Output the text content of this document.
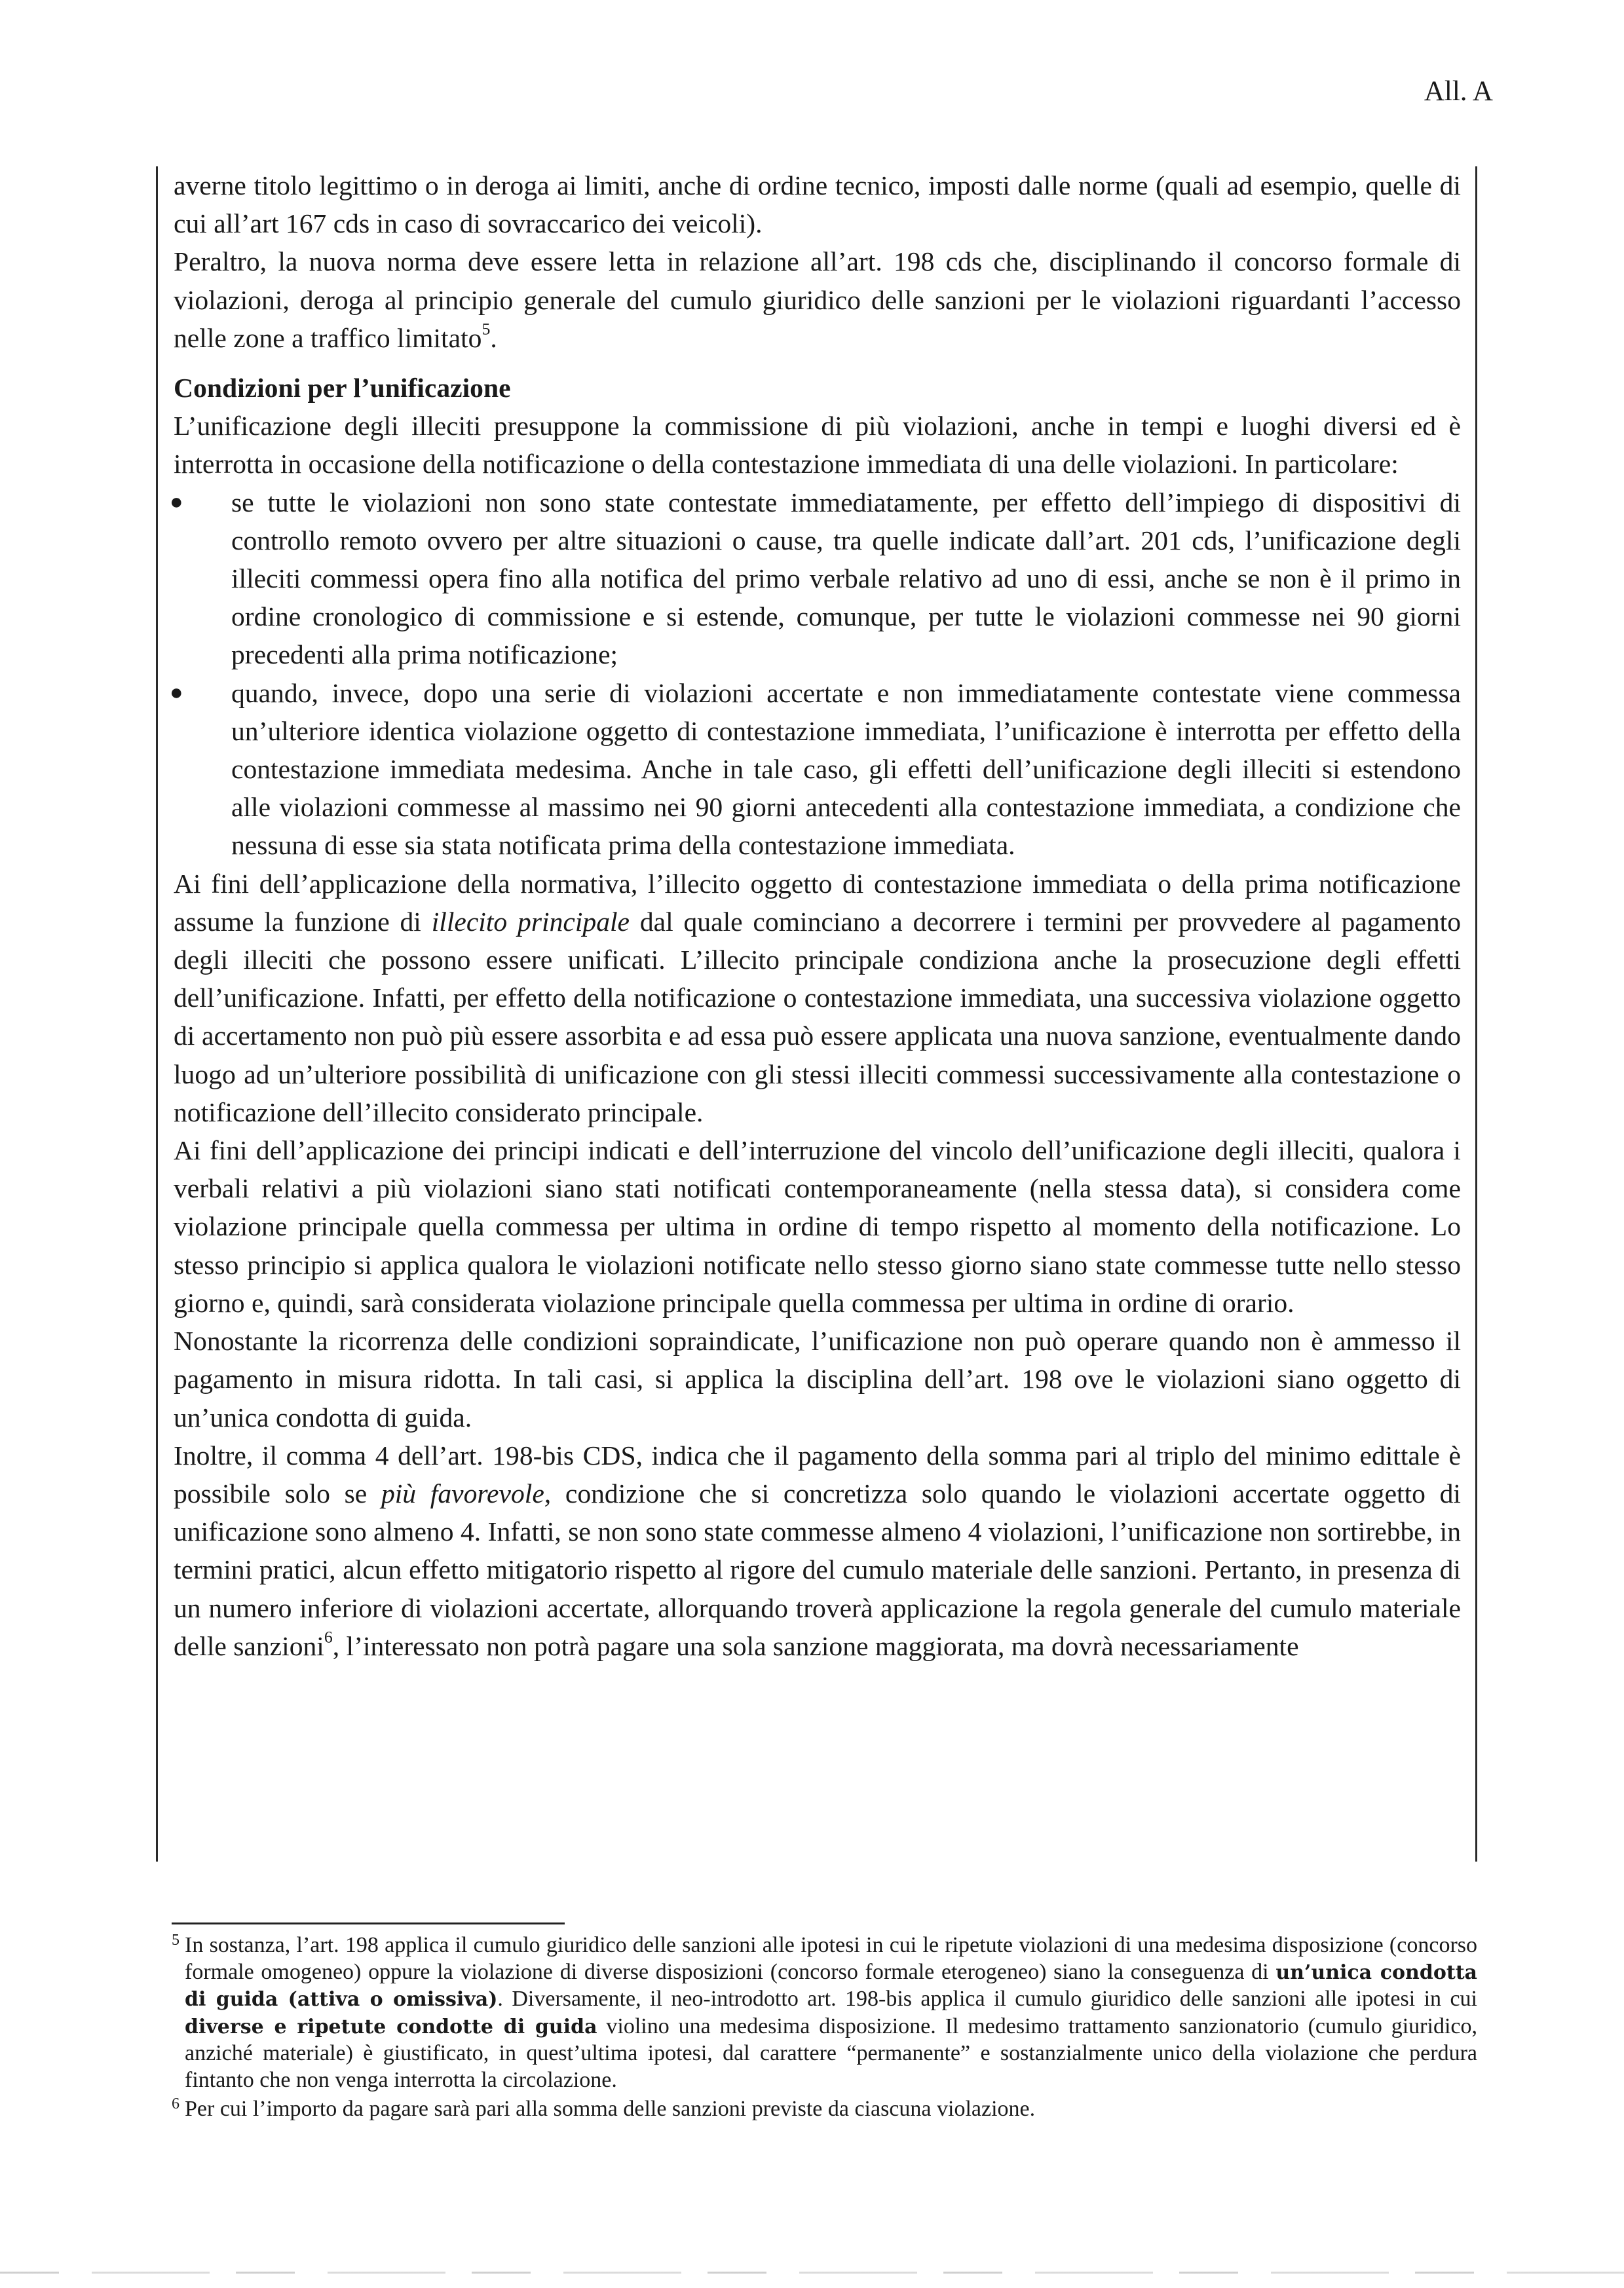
All. A

averne titolo legittimo o in deroga ai limiti, anche di ordine tecnico, imposti dalle norme (quali ad esempio, quelle di cui all’art 167 cds in caso di sovraccarico dei veicoli).

Peraltro, la nuova norma deve essere letta in relazione all’art. 198 cds che, disciplinando il concorso formale di violazioni, deroga al principio generale del cumulo giuridico delle sanzioni per le violazioni riguardanti l’accesso nelle zone a traffico limitato$^5$.

Condizioni per l’unificazione

L’unificazione degli illeciti presuppone la commissione di più violazioni, anche in tempi e luoghi diversi ed è interrotta in occasione della notificazione o della contestazione immediata di una delle violazioni. In particolare:

● se tutte le violazioni non sono state contestate immediatamente, per effetto dell’impiego di dispositivi di controllo remoto ovvero per altre situazioni o cause, tra quelle indicate dall’art. 201 cds, l’unificazione degli illeciti commessi opera fino alla notifica del primo verbale relativo ad uno di essi, anche se non è il primo in ordine cronologico di commissione e si estende, comunque, per tutte le violazioni commesse nei 90 giorni precedenti alla prima notificazione;
● quando, invece, dopo una serie di violazioni accertate e non immediatamente contestate viene commessa un’ulteriore identica violazione oggetto di contestazione immediata, l’unificazione è interrotta per effetto della contestazione immediata medesima. Anche in tale caso, gli effetti dell’unificazione degli illeciti si estendono alle violazioni commesse al massimo nei 90 giorni antecedenti alla contestazione immediata, a condizione che nessuna di esse sia stata notificata prima della contestazione immediata.

Ai fini dell’applicazione della normativa, l’illecito oggetto di contestazione immediata o della prima notificazione assume la funzione di illecito principale dal quale cominciano a decorrere i termini per provvedere al pagamento degli illeciti che possono essere unificati. L’illecito principale condiziona anche la prosecuzione degli effetti dell’unificazione. Infatti, per effetto della notificazione o contestazione immediata, una successiva violazione oggetto di accertamento non può più essere assorbita e ad essa può essere applicata una nuova sanzione, eventualmente dando luogo ad un’ulteriore possibilità di unificazione con gli stessi illeciti commessi successivamente alla contestazione o notificazione dell’illecito considerato principale.

Ai fini dell’applicazione dei principi indicati e dell’interruzione del vincolo dell’unificazione degli illeciti, qualora i verbali relativi a più violazioni siano stati notificati contemporaneamente (nella stessa data), si considera come violazione principale quella commessa per ultima in ordine di tempo rispetto al momento della notificazione. Lo stesso principio si applica qualora le violazioni notificate nello stesso giorno siano state commesse tutte nello stesso giorno e, quindi, sarà considerata violazione principale quella commessa per ultima in ordine di orario.

Nonostante la ricorrenza delle condizioni sopraindicate, l’unificazione non può operare quando non è ammesso il pagamento in misura ridotta. In tali casi, si applica la disciplina dell’art. 198 ove le violazioni siano oggetto di un’unica condotta di guida.

Inoltre, il comma 4 dell’art. 198-bis CDS, indica che il pagamento della somma pari al triplo del minimo edittale è possibile solo se più favorevole, condizione che si concretizza solo quando le violazioni accertate oggetto di unificazione sono almeno 4. Infatti, se non sono state commesse almeno 4 violazioni, l’unificazione non sortirebbe, in termini pratici, alcun effetto mitigatorio rispetto al rigore del cumulo materiale delle sanzioni. Pertanto, in presenza di un numero inferiore di violazioni accertate, allorquando troverà applicazione la regola generale del cumulo materiale delle sanzioni$^6$, l’interessato non potrà pagare una sola sanzione maggiorata, ma dovrà necessariamente

5 In sostanza, l’art. 198 applica il cumulo giuridico delle sanzioni alle ipotesi in cui le ripetute violazioni di una medesima disposizione (concorso formale omogeneo) oppure la violazione di diverse disposizioni (concorso formale eterogeneo) siano la conseguenza di un’unica condotta di guida (attiva o omissiva). Diversamente, il neo-introdotto art. 198-bis applica il cumulo giuridico delle sanzioni alle ipotesi in cui diverse e ripetute condotte di guida violino una medesima disposizione. Il medesimo trattamento sanzionatorio (cumulo giuridico, anziché materiale) è giustificato, in quest’ultima ipotesi, dal carattere “permanente” e sostanzialmente unico della violazione che perdura fintanto che non venga interrotta la circolazione.

6 Per cui l’importo da pagare sarà pari alla somma delle sanzioni previste da ciascuna violazione.
